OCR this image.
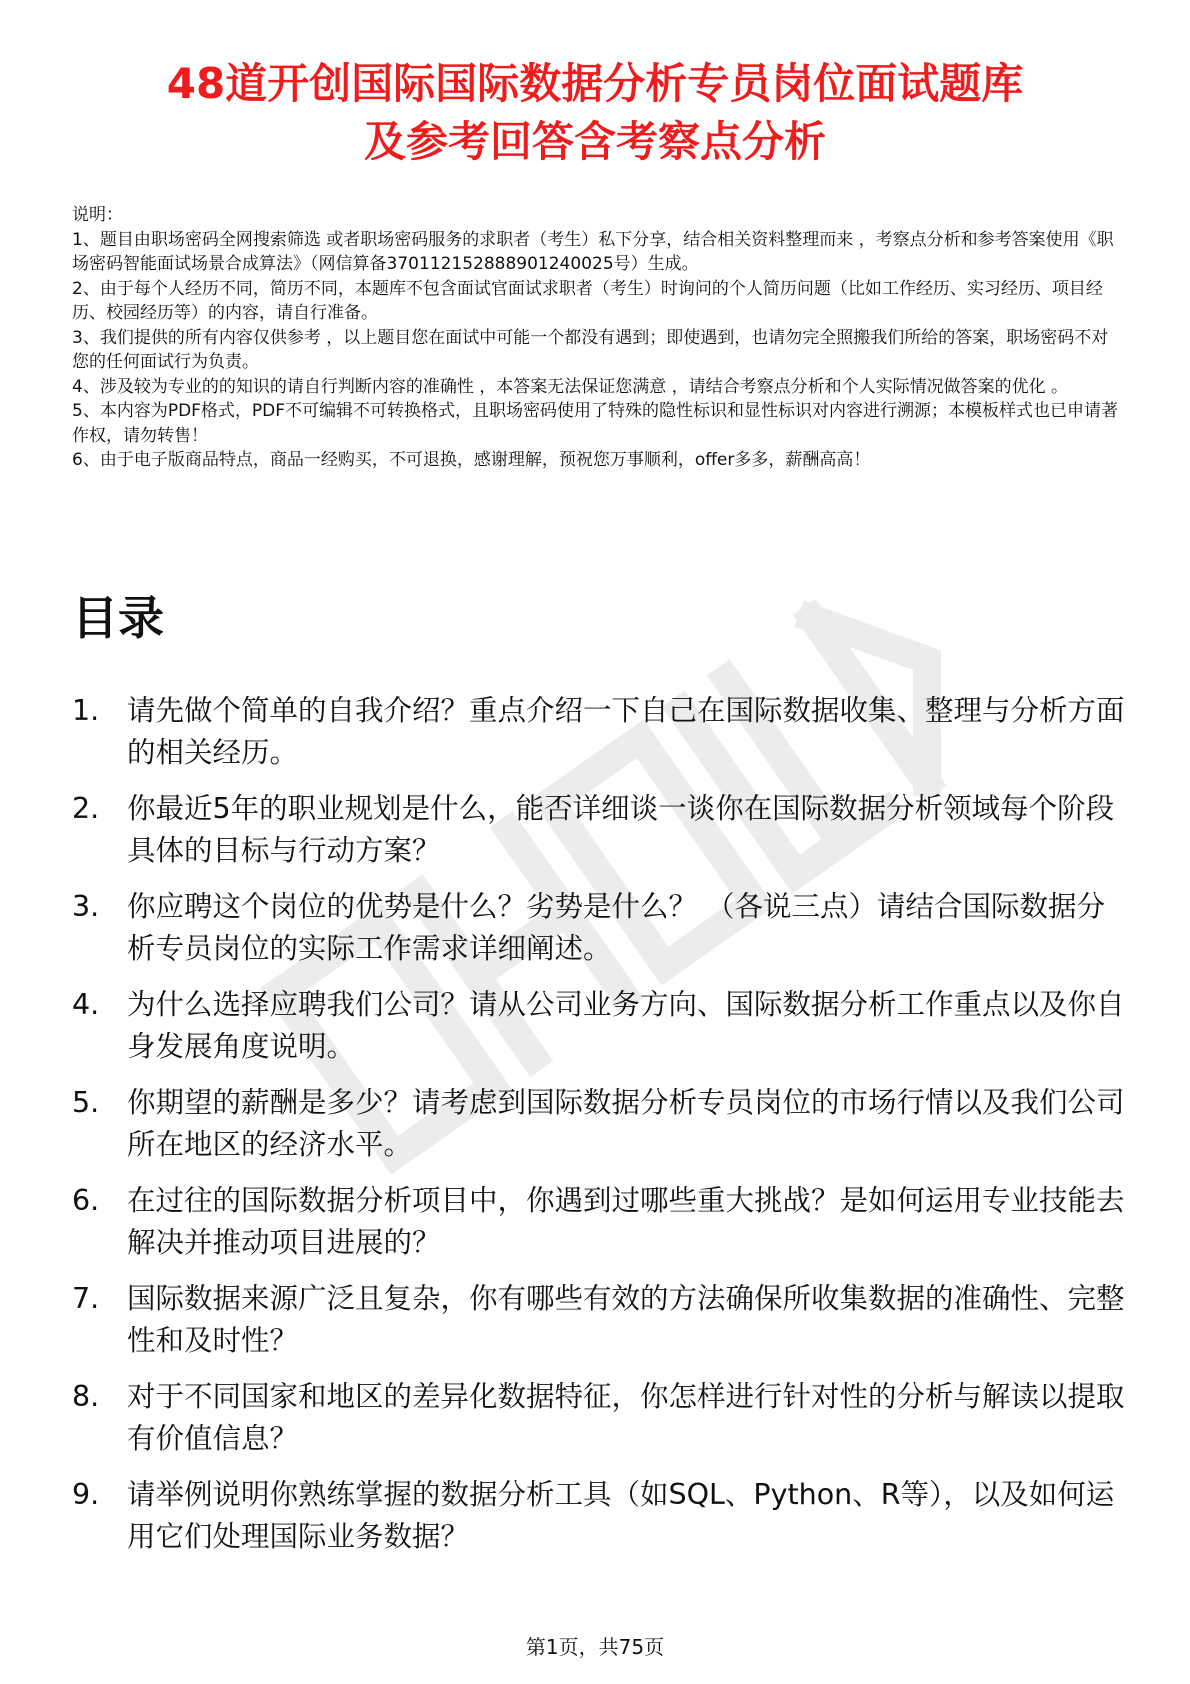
48道开创国际国际数据分析专员岗位面试题库
及参考回答含考察点分析

说明：

1、题目由职场密码全网搜索筛选 或者职场密码服务的求职者（考生）私下分享，结合相关资料整理而来 ，考察点分析和参考答案使用《职场密码智能面试场景合成算法》（网信算备370112152888901240025号）生成。

2、由于每个人经历不同，简历不同，本题库不包含面试官面试求职者（考生）时询问的个人简历问题（比如工作经历、实习经历、项目经历、校园经历等）的内容，请自行准备。

3、我们提供的所有内容仅供参考 ，以上题目您在面试中可能一个都没有遇到；即使遇到，也请勿完全照搬我们所给的答案，职场密码不对您的任何面试行为负责。

4、涉及较为专业的的知识的请自行判断内容的准确性 ，本答案无法保证您满意 ，请结合考察点分析和个人实际情况做答案的优化 。

5、本内容为PDF格式，PDF不可编辑不可转换格式，且职场密码使用了特殊的隐性标识和显性标识对内容进行溯源；本模板样式也已申请著作权，请勿转售！

6、由于电子版商品特点，商品一经购买，不可退换，感谢理解，预祝您万事顺利，offer多多，薪酬高高！

目录
1. 请先做个简单的自我介绍？重点介绍一下自己在国际数据收集、整理与分析方面的相关经历。
2. 你最近5年的职业规划是什么，能否详细谈一谈你在国际数据分析领域每个阶段具体的目标与行动方案？
3. 你应聘这个岗位的优势是什么？劣势是什么？ （各说三点）请结合国际数据分析专员岗位的实际工作需求详细阐述。
4. 为什么选择应聘我们公司？请从公司业务方向、国际数据分析工作重点以及你自身发展角度说明。
5. 你期望的薪酬是多少？请考虑到国际数据分析专员岗位的市场行情以及我们公司所在地区的经济水平。
6. 在过往的国际数据分析项目中，你遇到过哪些重大挑战？是如何运用专业技能去解决并推动项目进展的？
7. 国际数据来源广泛且复杂，你有哪些有效的方法确保所收集数据的准确性、完整性和及时性？
8. 对于不同国家和地区的差异化数据特征，你怎样进行针对性的分析与解读以提取有价值信息？
9. 请举例说明你熟练掌握的数据分析工具（如SQL、Python、R等），以及如何运用它们处理国际业务数据？
第1页，共75页
